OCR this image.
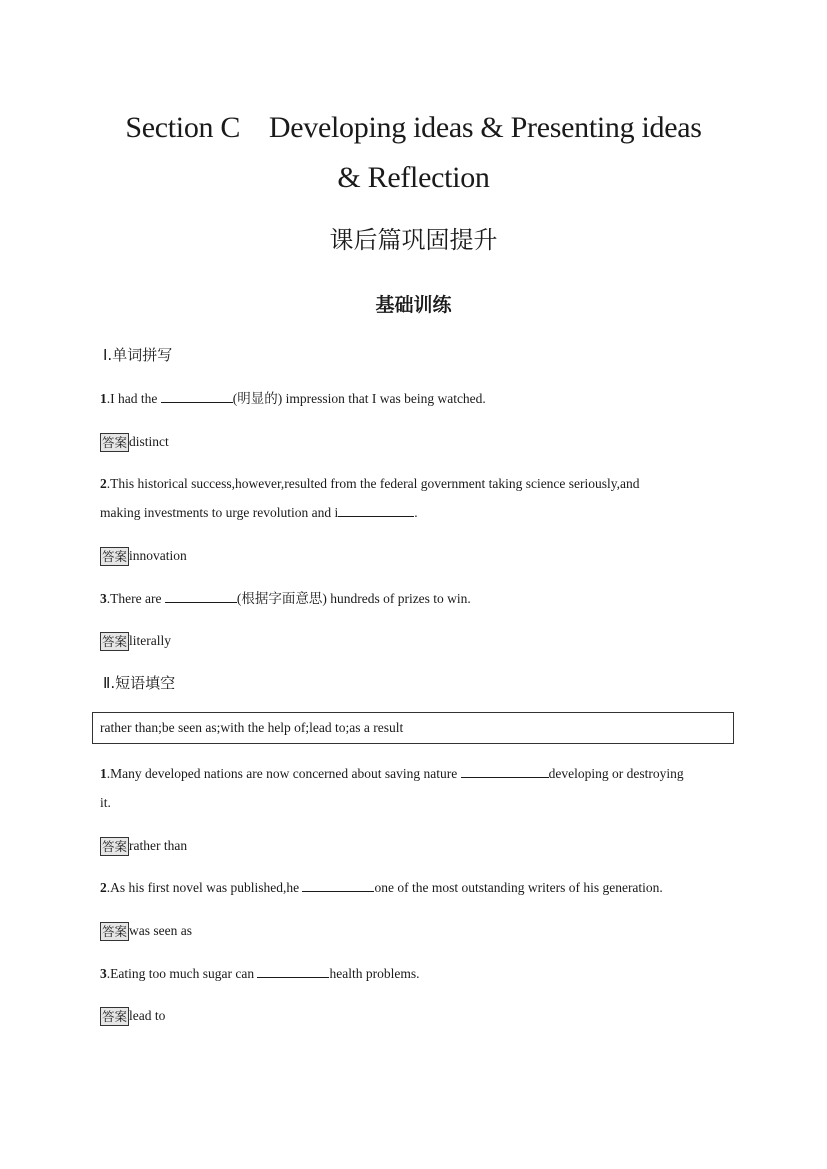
Section C    Developing ideas & Presenting ideas
& Reflection
课后篇巩固提升
基础训练
Ⅰ.单词拼写
1.I had the	(明显的) impression that I was being watched.
答案 distinct
2.This historical success,however,resulted from the federal government taking science seriously,and
making investments to urge revolution and i	.
答案 innovation
3.There are	(根据字面意思) hundreds of prizes to win.
答案 literally
Ⅱ.短语填空
rather than;be seen as;with the help of;lead to;as a result
1.Many developed nations are now concerned about saving nature	developing or destroying
it.
答案 rather than
2.As his first novel was published,he	one of the most outstanding writers of his generation.
答案 was seen as
3.Eating too much sugar can	health problems.
答案 lead to
